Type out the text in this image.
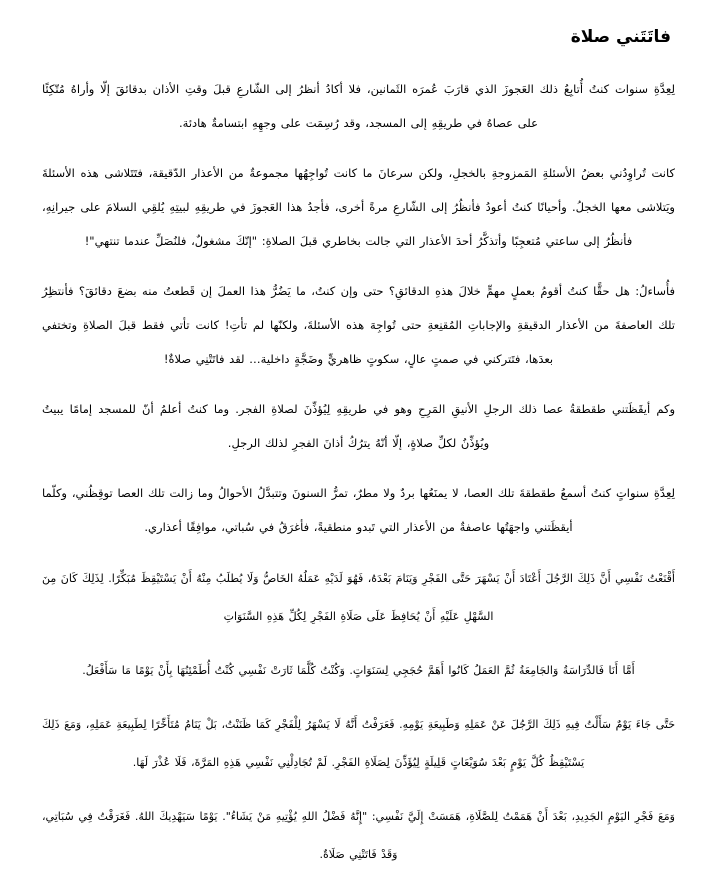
فاتَتَني صلاة

لِعِدَّةِ سنوات كنتُ أُتابِعُ ذلك العَجوزَ الذي قارَبَ عُمرَه الثَمانين، فلا أكادُ أنظرُ إلى الشّارعِ قبلَ وقتِ الأذان بدقائقَ إلّا وأراهُ مُتّكِئًا على عصاهُ في طريقِهِ إلى المسجد، وقد رُسِمَت على وجهِهِ ابتسامةٌ هادئة.

كانت تُراوِدُني بعضُ الأسئلةِ المَمزوجةِ بالخجلِ، ولكن سرعانَ ما كانت تُواجِهُها مجموعةٌ من الأعذار الدّقيقة، فتَتَلاشى هذه الأسئلةَ ويَتلاشى معها الخجلُ. وأحيانًا كنتُ أعودُ فأنظُرُ إلى الشّارعِ مرةً أخرى، فأجدُ هذا العَجوزَ في طريقِهِ لبيتِهِ يُلقِي السلامَ على جيرانِهِ، فأنظُرُ إلى ساعتي مُتعجِبًا وأتذكَّرُ أحدَ الأعذار التي جالت بخاطري قبلَ الصلاةِ: "إنّكَ مشغولٌ، فلنُصَلِّ عندما تنتهي"!

فأُساءلُ: هل حقًّا كنتُ أقومُ بعملٍ مهمٍّ خلالَ هذهِ الدقائقِ؟ حتى وإن كنتُ، ما يَضُرُّ هذا العملَ إن قَطعتُ منه بضعَ دقائقَ؟ فأنتظِرُ تلك العاصفةَ من الأعذار الدقيقةِ والإجاباتِ المُقنِعةِ حتى تُواجِهَ هذه الأسئلةَ، ولكنّها لم تأتِ! كانت تأتي فقط قبلَ الصلاةِ وتختفي بعدَها، فتَتركني في صمتٍ عالٍ، سكوتٍ ظاهريٍّ وضَجَّةٍ داخلية… لقد فاتَتْنِي صلاةٌ!

وكم أيقَظَتني طقطقةُ عصا ذلك الرجلِ الأنيقِ المَرِحِ وهو في طريقِهِ لِيُؤذِّنَ لصلاةِ الفجر. وما كنتُ أعلمُ أنّ للمسجد إمامًا يبيتُ ويُؤذِّنُ لكلِّ صلاةٍ، إلّا أنّهُ يترُكُ أذانَ الفجرِ لذلك الرجلِ.

لِعِدَّةِ سنواتٍ كنتُ أسمعُ طقطقةَ تلك العصا، لا يمنَعُها بردٌ ولا مطرٌ، تمرُّ السنونَ وتتبدَّلُ الأحوالُ وما زالت تلك العصا توقِظُني، وكلّما أيقظَتني واجهَتُها عاصفةٌ من الأعذار التي تَبدو منطقيةً، فأغرَقُ في سُباتي، موافِقًا أعذاري.

أَقْنَعْتُ نَفْسِي أَنَّ ذَلِكَ الرَّجُلَ أَعْتَادَ أَنْ يَسْهَرَ حَتَّى الفَجْرِ وَيَنَامَ بَعْدَهُ، فَهُوَ لَدَيْهِ عَمَلُهُ الخَاصُّ وَلَا يُطلَبُ مِنْهُ أَنْ يَسْتَيْقِظَ مُبَكِّرًا. لِذَلِكَ كَانَ مِنَ السَّهْلِ عَلَيْهِ أَنْ يُحَافِظَ عَلَى صَلَاةِ الفَجْرِ لِكُلِّ هَذِهِ السَّنَوَاتِ

أَمَّا أَنَا فَالدِّرَاسَةُ وَالجَامِعَةُ ثُمَّ العَمَلُ كَانُوا أَهَمَّ حُجَجِي لِسَنَوَاتٍ. وَكُنْتُ كُلَّمَا ثَارَتْ نَفْسِي كُنْتُ أُطَمْئِنُهَا بِأَنْ يَوْمًا مَا سَأَفْعَلُ.

حَتَّى جَاءَ يَوْمٌ سَأَلْتُ فِيهِ ذَلِكَ الرَّجُلَ عَنْ عَمَلِهِ وَطَبِيعَةِ يَوْمِهِ. فَعَرَفْتُ أَنَّهُ لَا يَسْهَرُ لِلْفَجْرِ كَمَا ظَنَنْتُ، بَلْ يَنَامُ مُتَأَخِّرًا لِطَبِيعَةِ عَمَلِهِ، وَمَعَ ذَلِكَ يَسْتَيْقِظُ كُلَّ يَوْمٍ بَعْدَ سُوَيْعَاتٍ قَلِيلَةٍ لِيُؤَذِّنَ لِصَلَاةِ الفَجْرِ. لَمْ تُجَادِلْنِي نَفْسِي هَذِهِ المَرَّةَ، فَلَا عُذْرَ لَهَا.

وَمَعَ فَجْرِ اليَوْمِ الجَدِيدِ، بَعْدَ أَنْ هَمَمْتُ لِلصَّلَاةِ، هَمَسَتْ إِلَيَّ نَفْسِي: "إِنَّهُ فَضْلُ اللهِ يُؤْتِيهِ مَنْ يَشَاءُ". يَوْمًا سَيَهْدِيكَ اللهُ. فَغَرَقْتُ فِي سُبَاتِي، وَقَدْ فَاتَتْنِي صَلَاةٌ.
